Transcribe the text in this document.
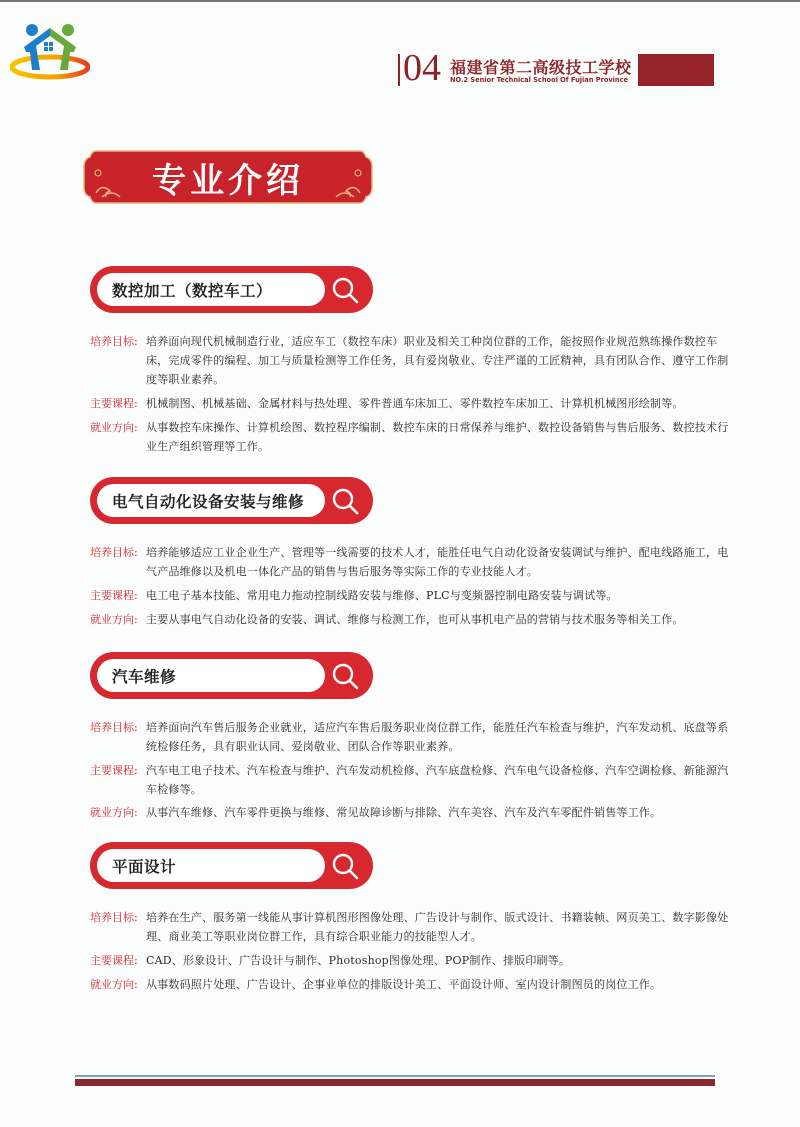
04 福建省第二高级技工学校
NO.2 Senior Technical School Of Fujian Province
专业介绍
数控加工（数控车工）
培养目标: 培养面向现代机械制造行业，适应车工（数控车床）职业及相关工种岗位群的工作，能按照作业规范熟练操作数控车床，完成零件的编程、加工与质量检测等工作任务，具有爱岗敬业、专注严谨的工匠精神，具有团队合作、遵守工作制度等职业素养。
主要课程: 机械制图、机械基础、金属材料与热处理、零件普通车床加工、零件数控车床加工、计算机机械图形绘制等。
就业方向: 从事数控车床操作、计算机绘图、数控程序编制、数控车床的日常保养与维护、数控设备销售与售后服务、数控技术行业生产组织管理等工作。
电气自动化设备安装与维修
培养目标: 培养能够适应工业企业生产、管理等一线需要的技术人才，能胜任电气自动化设备安装调试与维护、配电线路施工，电气产品维修以及机电一体化产品的销售与售后服务等实际工作的专业技能人才。
主要课程: 电工电子基本技能、常用电力拖动控制线路安装与维修、PLC与变频器控制电路安装与调试等。
就业方向: 主要从事电气自动化设备的安装、调试、维修与检测工作，也可从事机电产品的营销与技术服务等相关工作。
汽车维修
培养目标: 培养面向汽车售后服务企业就业，适应汽车售后服务职业岗位群工作，能胜任汽车检查与维护，汽车发动机、底盘等系统检修任务，具有职业认同、爱岗敬业、团队合作等职业素养。
主要课程: 汽车电工电子技术、汽车检查与维护、汽车发动机检修、汽车底盘检修、汽车电气设备检修、汽车空调检修、新能源汽车检修等。
就业方向: 从事汽车维修、汽车零件更换与维修、常见故障诊断与排除、汽车美容、汽车及汽车零配件销售等工作。
平面设计
培养目标: 培养在生产、服务第一线能从事计算机图形图像处理、广告设计与制作、版式设计、书籍装帧、网页美工、数字影像处理、商业美工等职业岗位群工作，具有综合职业能力的技能型人才。
主要课程: CAD、形象设计、广告设计与制作、Photoshop图像处理、POP制作、排版印刷等。
就业方向: 从事数码照片处理、广告设计、企事业单位的排版设计美工、平面设计师、室内设计制图员的岗位工作。
